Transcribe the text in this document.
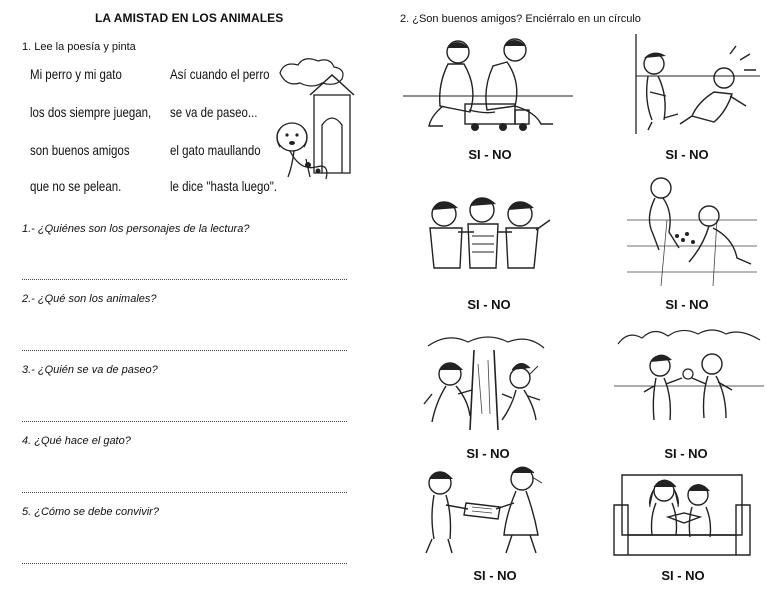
LA AMISTAD EN LOS ANIMALES
1. Lee la poesía y pinta
Mi perro y mi gato
los dos siempre juegan,
son buenos amigos
que no se pelean.
Así cuando el perro
se va de paseo...
el gato maullando
le dice "hasta luego".
1.- ¿Quiénes son los personajes de la lectura?
2.- ¿Qué son los animales?
3.- ¿Quién se va de paseo?
4. ¿Qué hace el gato?
5. ¿Cómo se debe convivir?
2. ¿Son buenos amigos? Enciérralo en un círculo
SI - NO	SI - NO
SI - NO	SI - NO
SI - NO	SI - NO
SI - NO	SI - NO
